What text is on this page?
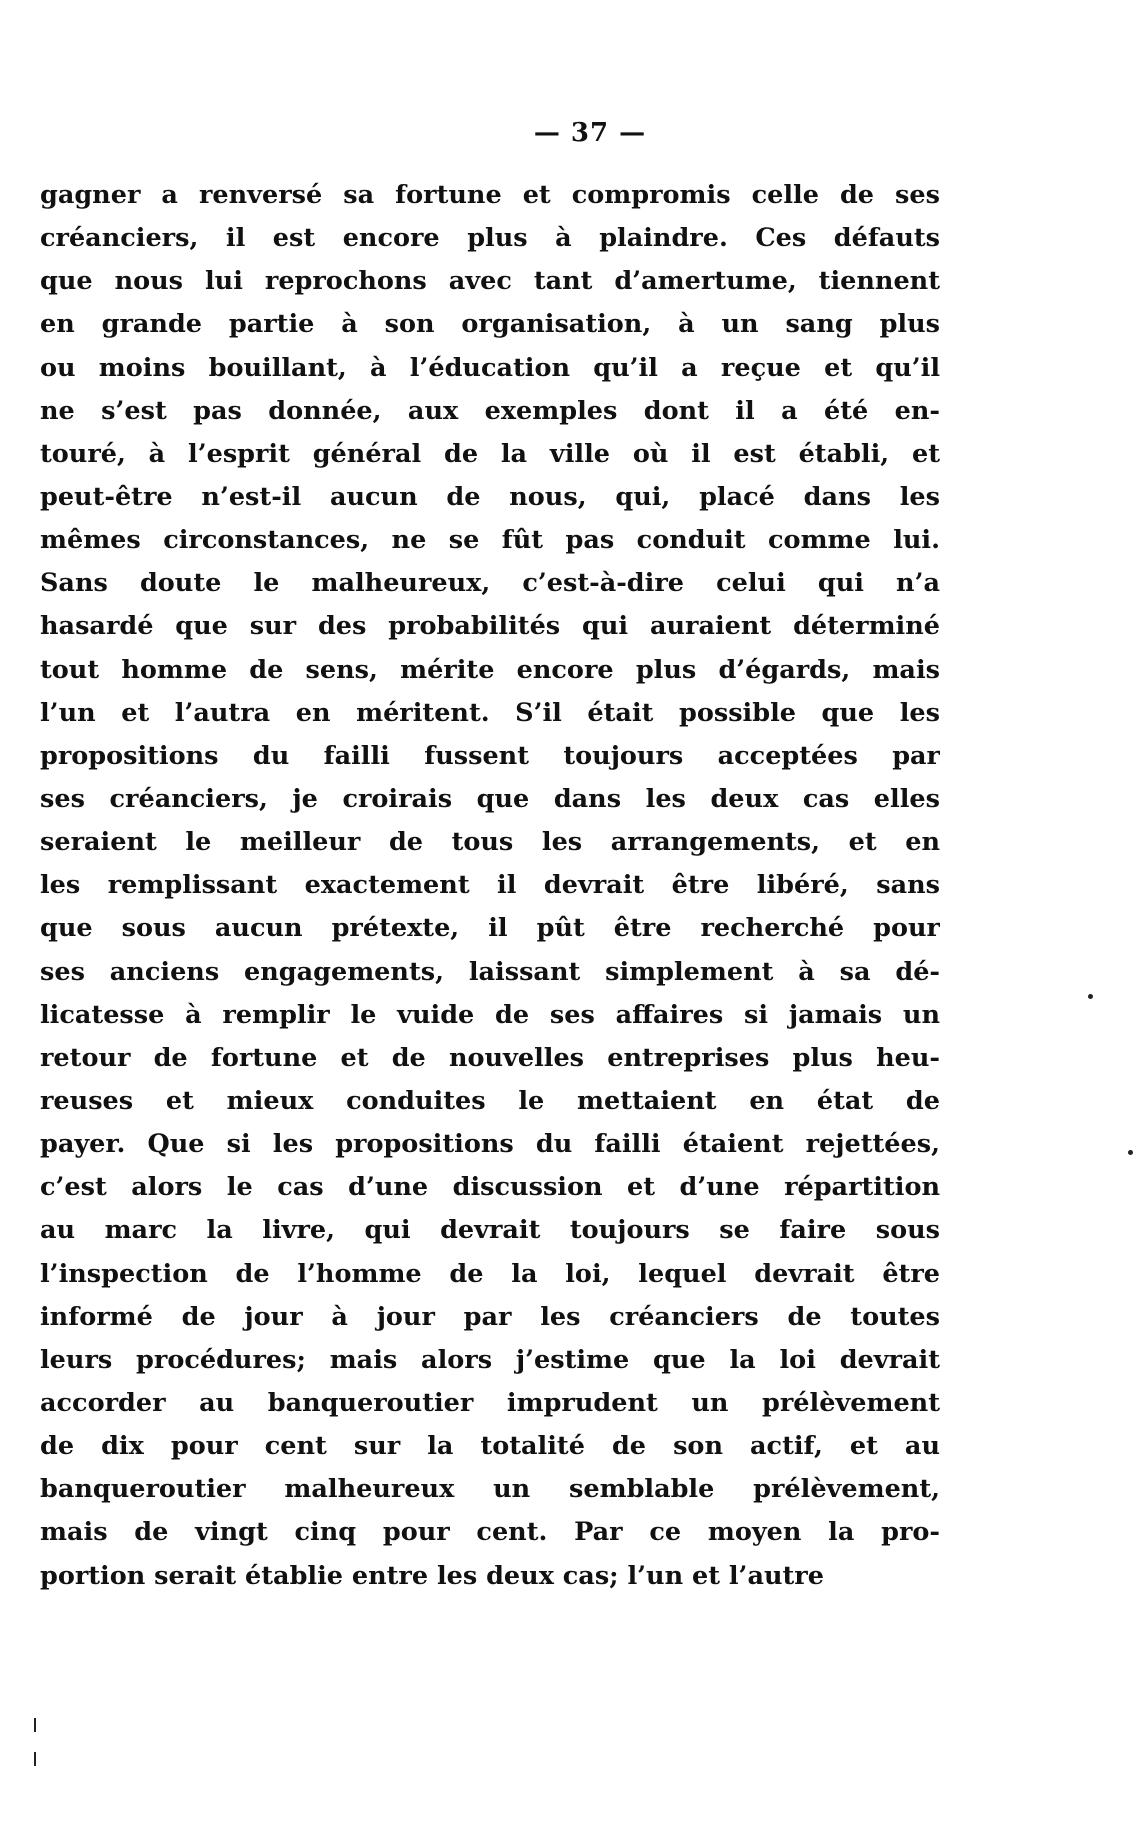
— 37 —
gagner a renversé sa fortune et compromis celle de ses
créanciers, il est encore plus à plaindre. Ces défauts
que nous lui reprochons avec tant d’amertume, tiennent
en grande partie à son organisation, à un sang plus
ou moins bouillant, à l’éducation qu’il a reçue et qu’il
ne s’est pas donnée, aux exemples dont il a été en-
touré, à l’esprit général de la ville où il est établi, et
peut-être n’est-il aucun de nous, qui, placé dans les
mêmes circonstances, ne se fût pas conduit comme lui.
Sans doute le malheureux, c’est-à-dire celui qui n’a
hasardé que sur des probabilités qui auraient déterminé
tout homme de sens, mérite encore plus d’égards, mais
l’un et l’autra en méritent. S’il était possible que les
propositions du failli fussent toujours acceptées par
ses créanciers, je croirais que dans les deux cas elles
seraient le meilleur de tous les arrangements, et en
les remplissant exactement il devrait être libéré, sans
que sous aucun prétexte, il pût être recherché pour
ses anciens engagements, laissant simplement à sa dé-
licatesse à remplir le vuide de ses affaires si jamais un
retour de fortune et de nouvelles entreprises plus heu-
reuses et mieux conduites le mettaient en état de
payer. Que si les propositions du failli étaient rejettées,
c’est alors le cas d’une discussion et d’une répartition
au marc la livre, qui devrait toujours se faire sous
l’inspection de l’homme de la loi, lequel devrait être
informé de jour à jour par les créanciers de toutes
leurs procédures; mais alors j’estime que la loi devrait
accorder au banqueroutier imprudent un prélèvement
de dix pour cent sur la totalité de son actif, et au
banqueroutier malheureux un semblable prélèvement,
mais de vingt cinq pour cent. Par ce moyen la pro-
portion serait établie entre les deux cas; l’un et l’autre
